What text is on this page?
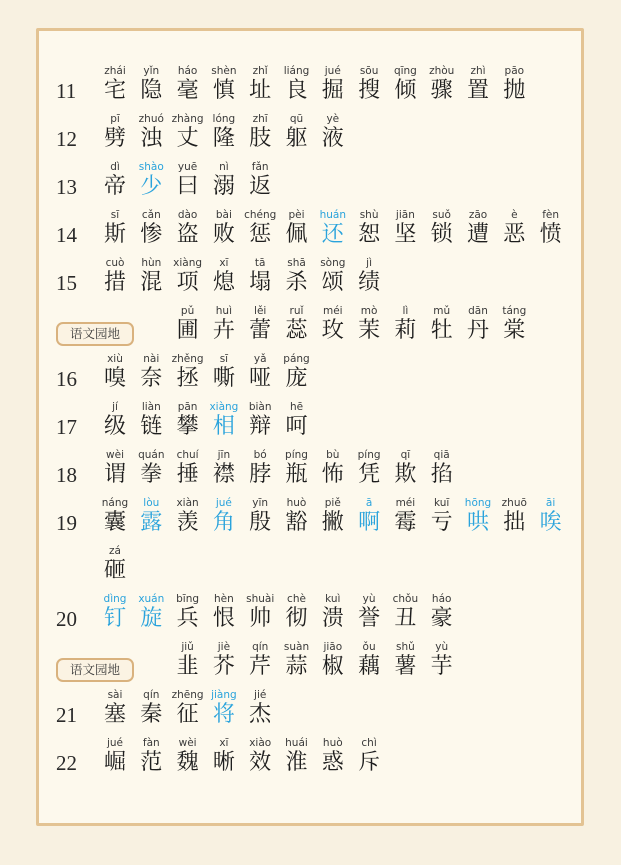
11
zhái
宅
yǐn
隐
háo
毫
shèn
慎
zhǐ
址
liáng
良
jué
掘
sōu
搜
qīng
倾
zhòu
骤
zhì
置
pāo
抛
12
pī
劈
zhuó
浊
zhàng
丈
lóng
隆
zhī
肢
qū
躯
yè
液
13
dì
帝
shào
少
yuē
曰
nì
溺
fǎn
返
14
sī
斯
cǎn
惨
dào
盗
bài
败
chéng
惩
pèi
佩
huán
还
shù
恕
jiān
坚
suǒ
锁
zāo
遭
è
恶
fèn
愤
15
cuò
措
hùn
混
xiàng
项
xī
熄
tā
塌
shā
杀
sòng
颂
jì
绩
语文园地
pǔ
圃
huì
卉
lěi
蕾
ruǐ
蕊
méi
玫
mò
茉
lì
莉
mǔ
牡
dān
丹
táng
棠
16
xiù
嗅
nài
奈
zhěng
拯
sī
嘶
yǎ
哑
páng
庞
17
jí
级
liàn
链
pān
攀
xiàng
相
biàn
辩
hē
呵
18
wèi
谓
quán
拳
chuí
捶
jīn
襟
bó
脖
píng
瓶
bù
怖
píng
凭
qī
欺
qiā
掐
19
náng
囊
lòu
露
xiàn
羡
jué
角
yīn
殷
huò
豁
piě
撇
ā
啊
méi
霉
kuī
亏
hōng
哄
zhuō
拙
āi
唉
zá
砸
20
dìng
钉
xuán
旋
bīng
兵
hèn
恨
shuài
帅
chè
彻
kuì
溃
yù
誉
chǒu
丑
háo
豪
语文园地
jiǔ
韭
jiè
芥
qín
芹
suàn
蒜
jiāo
椒
ǒu
藕
shǔ
薯
yù
芋
21
sài
塞
qín
秦
zhēng
征
jiàng
将
jié
杰
22
jué
崛
fàn
范
wèi
魏
xī
晰
xiào
效
huái
淮
huò
惑
chì
斥
